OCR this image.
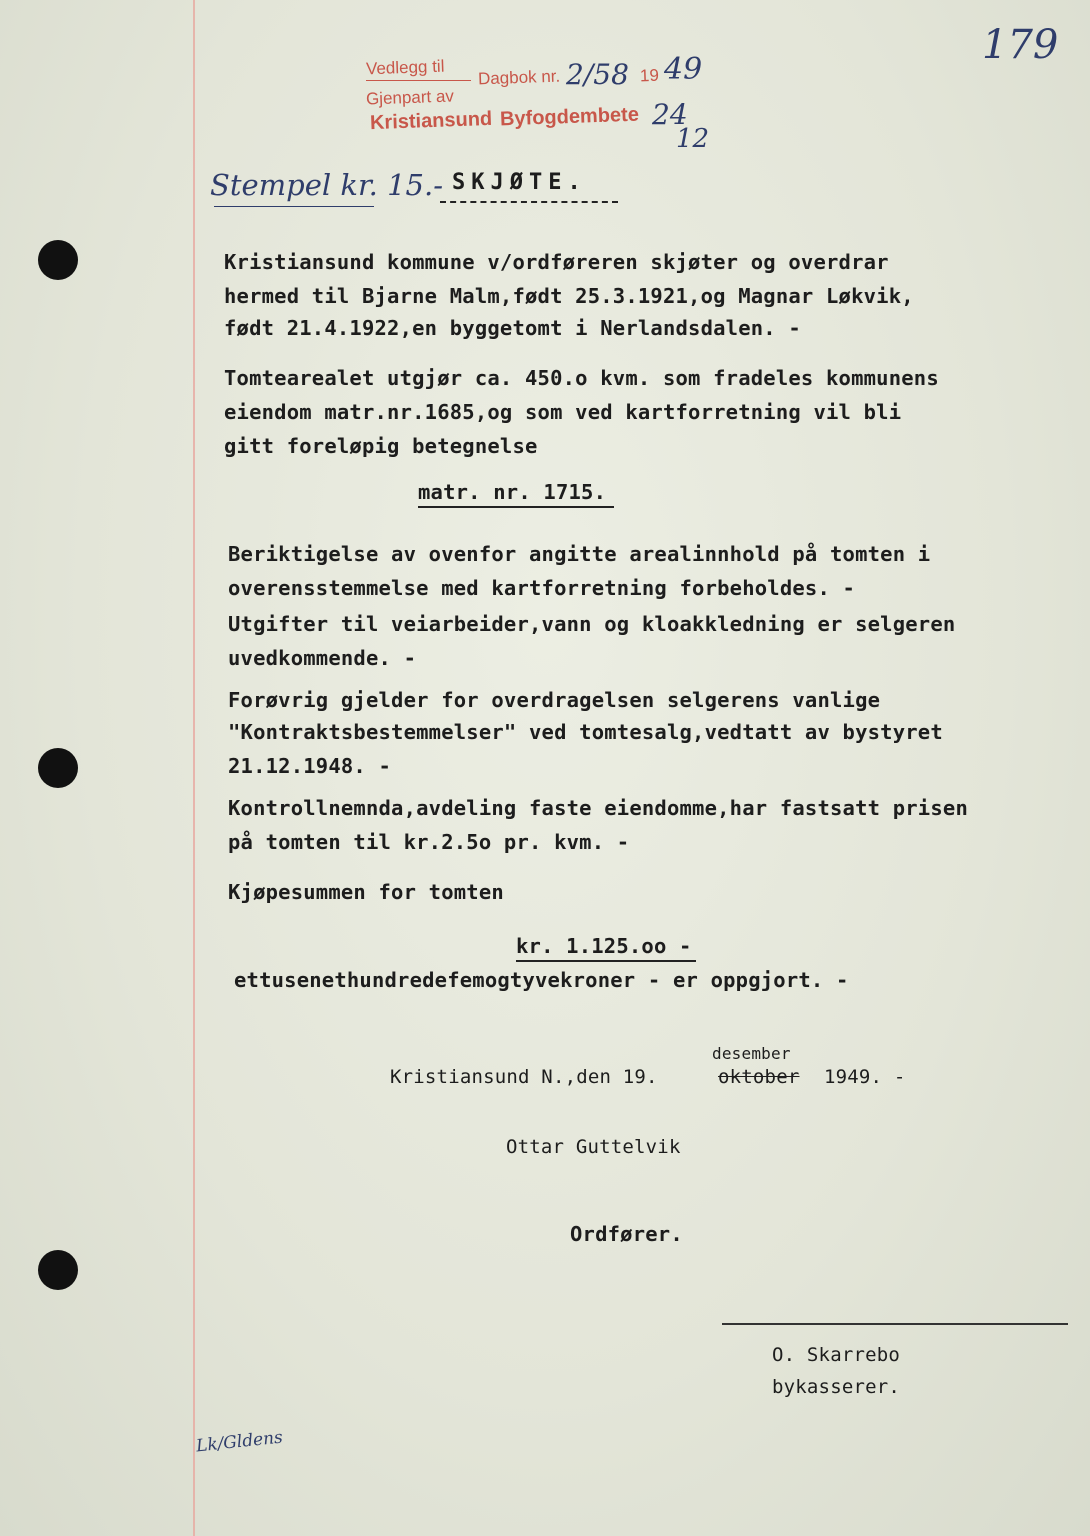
179
Vedlegg til Dagbok nr. 2/58 19 49
Gjenpart av
Kristiansund Byfogdembete 24
12
Stempel kr. 15.- SKJØTE.
Kristiansund kommune v/ordføreren skjøter og overdrar
hermed til Bjarne Malm,født 25.3.1921,og Magnar Løkvik,
født 21.4.1922,en byggetomt i Nerlandsdalen. -
Tomtearealet utgjør ca. 450.o kvm. som fradeles kommunens
eiendom matr.nr.1685,og som ved kartforretning vil bli
gitt foreløpig betegnelse
matr. nr. 1715.
Beriktigelse av ovenfor angitte arealinnhold på tomten i
overensstemmelse med kartforretning forbeholdes. -
Utgifter til veiarbeider,vann og kloakkledning er selgeren
uvedkommende. -
Forøvrig gjelder for overdragelsen selgerens vanlige
"Kontraktsbestemmelser" ved tomtesalg,vedtatt av bystyret
21.12.1948. -
Kontrollnemnda,avdeling faste eiendomme,har fastsatt prisen
på tomten til kr.2.5o pr. kvm. -
Kjøpesummen for tomten
kr. 1.125.oo -
ettusenethundredefemogtyvekroner - er oppgjort. -
Kristiansund N.,den 19.	oktober
desember
1949. -
Ottar Guttelvik
Ordfører.
O. Skarrebo
bykasserer.
Lk/Gldens
